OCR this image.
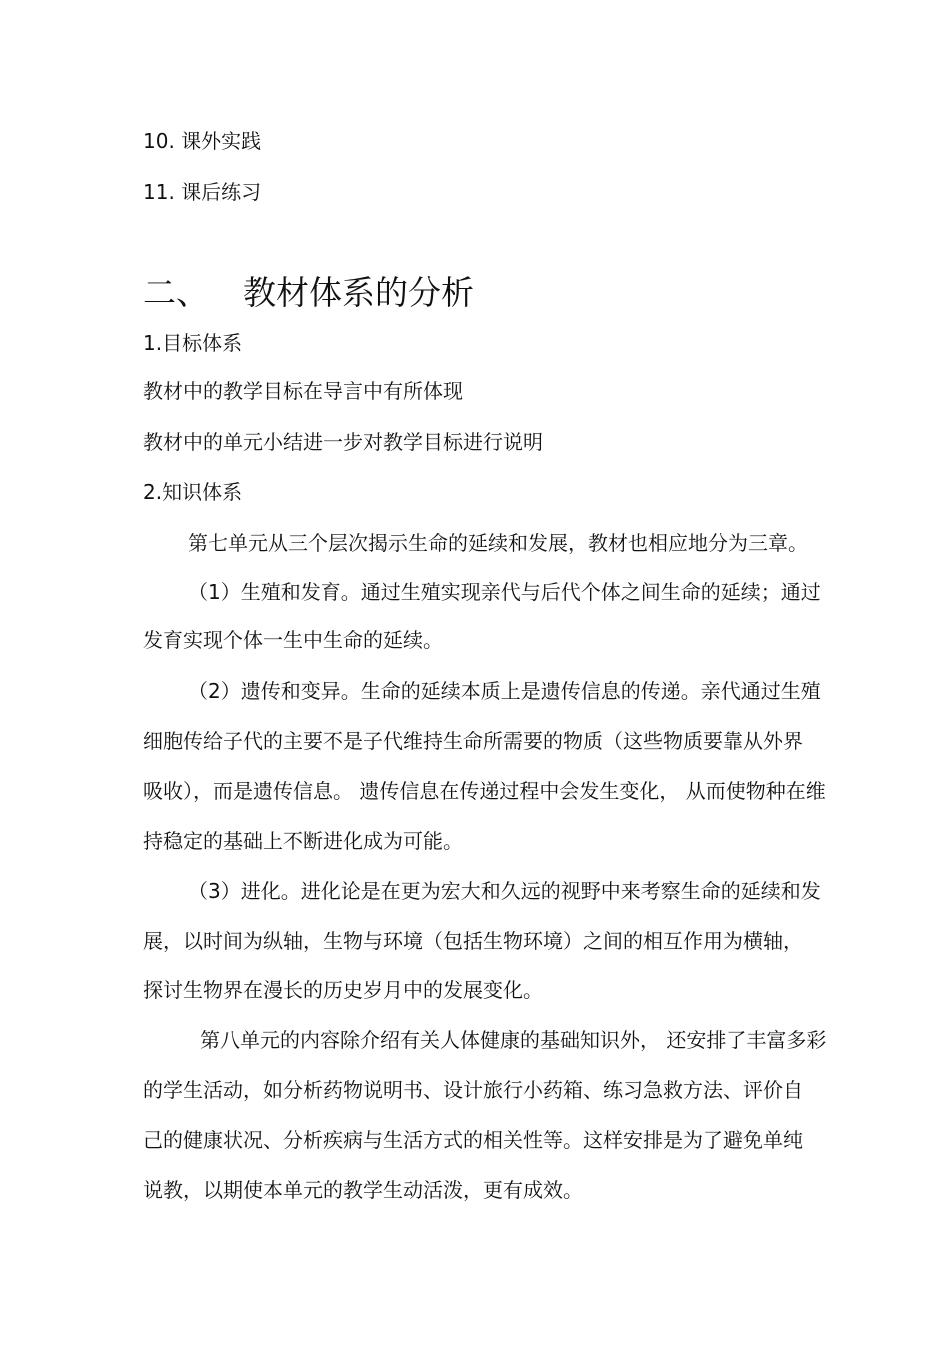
10. 课外实践
11. 课后练习
二、 教材体系的分析
1.目标体系
教材中的教学目标在导言中有所体现
教材中的单元小结进一步对教学目标进行说明
2.知识体系
第七单元从三个层次揭示生命的延续和发展，教材也相应地分为三章。
（1）生殖和发育。通过生殖实现亲代与后代个体之间生命的延续；通过
发育实现个体一生中生命的延续。
（2）遗传和变异。生命的延续本质上是遗传信息的传递。亲代通过生殖
细胞传给子代的主要不是子代维持生命所需要的物质（这些物质要靠从外界
吸收），而是遗传信息。 遗传信息在传递过程中会发生变化， 从而使物种在维
持稳定的基础上不断进化成为可能。
（3）进化。进化论是在更为宏大和久远的视野中来考察生命的延续和发
展，以时间为纵轴，生物与环境（包括生物环境）之间的相互作用为横轴，
探讨生物界在漫长的历史岁月中的发展变化。
第八单元的内容除介绍有关人体健康的基础知识外， 还安排了丰富多彩
的学生活动，如分析药物说明书、设计旅行小药箱、练习急救方法、评价自
己的健康状况、分析疾病与生活方式的相关性等。这样安排是为了避免单纯
说教，以期使本单元的教学生动活泼，更有成效。
